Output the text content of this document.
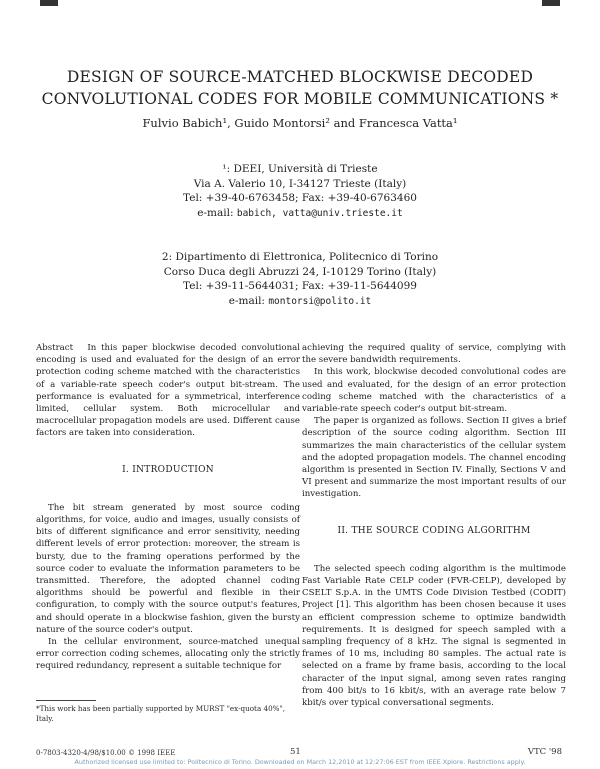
DESIGN OF SOURCE-MATCHED BLOCKWISE DECODED
CONVOLUTIONAL CODES FOR MOBILE COMMUNICATIONS *
Fulvio Babich¹, Guido Montorsi² and Francesca Vatta¹
¹: DEEI, Università di Trieste
Via A. Valerio 10, I-34127 Trieste (Italy)
Tel: +39-40-6763458; Fax: +39-40-6763460
e-mail: babich, vatta@univ.trieste.it
2: Dipartimento di Elettronica, Politecnico di Torino
Corso Duca degli Abruzzi 24, I-10129 Torino (Italy)
Tel: +39-11-5644031; Fax: +39-11-5644099
e-mail: montorsi@polito.it

Abstract In this paper blockwise decoded convolutional encoding is used and evaluated for the design of an error protection coding scheme matched with the characteristics of a variable-rate speech coder's output bit-stream. The performance is evaluated for a symmetrical, interference limited, cellular system. Both microcellular and macrocellular propagation models are used. Different cause factors are taken into consideration.

I. INTRODUCTION

The bit stream generated by most source coding algorithms, for voice, audio and images, usually consists of bits of different significance and error sensitivity, needing different levels of error protection: moreover, the stream is bursty, due to the framing operations performed by the source coder to evaluate the information parameters to be transmitted. Therefore, the adopted channel coding algorithms should be powerful and flexible in their configuration, to comply with the source output's features, and should operate in a blockwise fashion, given the bursty nature of the source coder's output.

In the cellular environment, source-matched unequal error correction coding schemes, allocating only the strictly required redundancy, represent a suitable technique for

achieving the required quality of service, complying with the severe bandwidth requirements.

In this work, blockwise decoded convolutional codes are used and evaluated, for the design of an error protection coding scheme matched with the characteristics of a variable-rate speech coder's output bit-stream.

The paper is organized as follows. Section II gives a brief description of the source coding algorithm. Section III summarizes the main characteristics of the cellular system and the adopted propagation models. The channel encoding algorithm is presented in Section IV. Finally, Sections V and VI present and summarize the most important results of our investigation.

II. THE SOURCE CODING ALGORITHM

The selected speech coding algorithm is the multimode Fast Variable Rate CELP coder (FVR-CELP), developed by CSELT S.p.A. in the UMTS Code Division Testbed (CODIT) Project [1]. This algorithm has been chosen because it uses an efficient compression scheme to optimize bandwidth requirements. It is designed for speech sampled with a sampling frequency of 8 kHz. The signal is segmented in frames of 10 ms, including 80 samples. The actual rate is selected on a frame by frame basis, according to the local character of the input signal, among seven rates ranging from 400 bit/s to 16 kbit/s, with an average rate below 7 kbit/s over typical conversational segments.

*This work has been partially supported by MURST "ex-quota 40%", Italy.
0-7803-4320-4/98/$10.00 © 1998 IEEE	51	VTC '98
Authorized licensed use limited to: Politecnico di Torino. Downloaded on March 12,2010 at 12:27:06 EST from IEEE Xplore. Restrictions apply.
